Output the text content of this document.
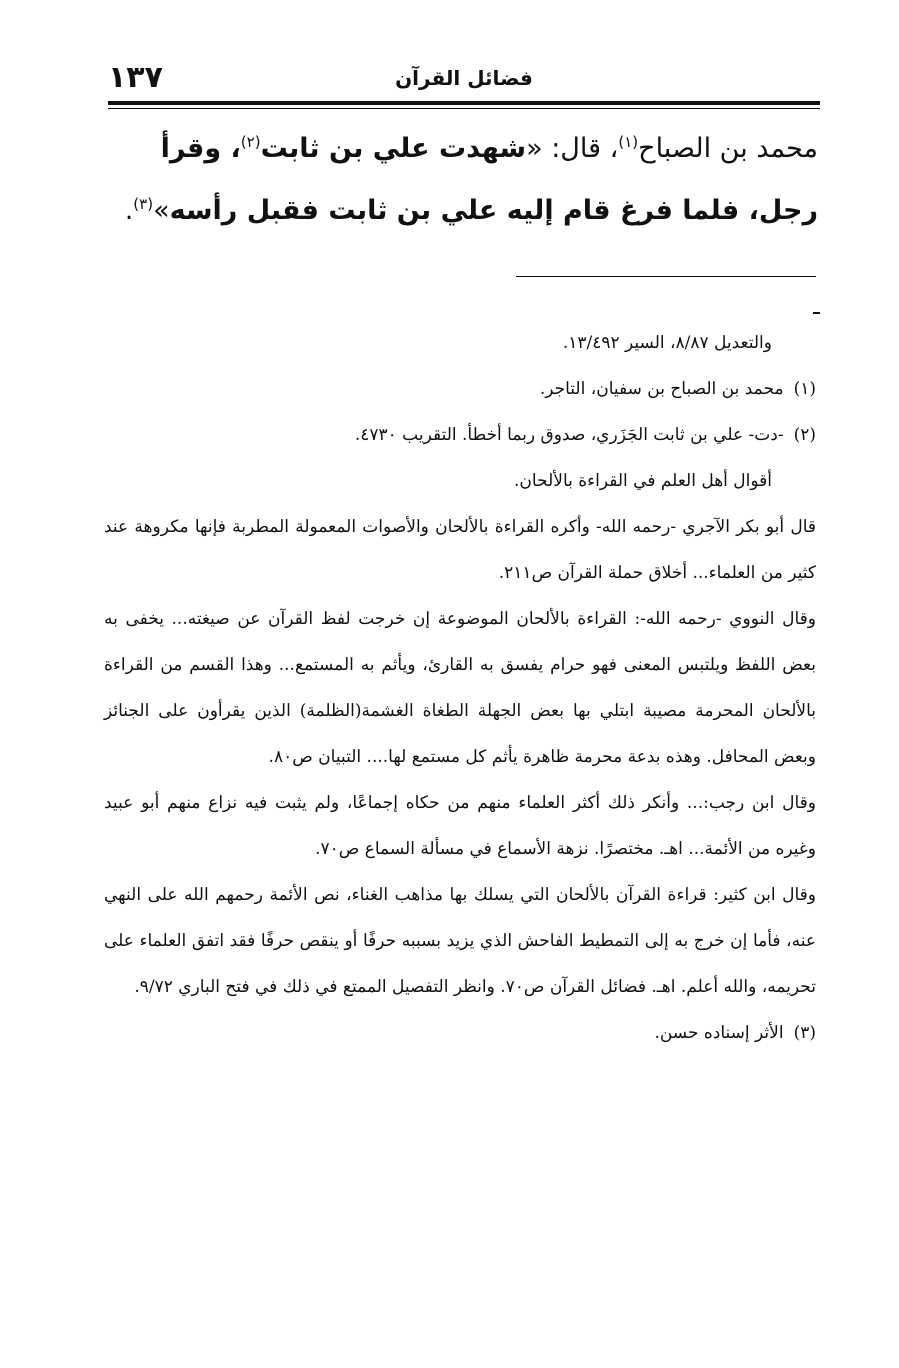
١٣٧	فضائل القرآن
محمد بن الصباح$^{(١)}$، قال: «شهدت علي بن ثابت$^{(٢)}$، وقرأ رجل، فلما فرغ قام إليه علي بن ثابت فقبل رأسه»$^{(٣)}$.
والتعديل ٨/٨٧، السير ١٣/٤٩٢.
(١)
محمد بن الصباح بن سفيان، التاجر.
(٢)
-دت- علي بن ثابت الجَزَري، صدوق ربما أخطأ. التقريب ٤٧٣٠.
أقوال أهل العلم في القراءة بالألحان.

قال أبو بكر الآجري -رحمه الله- وأكره القراءة بالألحان والأصوات المعمولة المطربة فإنها مكروهة عند كثير من العلماء... أخلاق حملة القرآن ص٢١١.

وقال النووي -رحمه الله-: القراءة بالألحان الموضوعة إن خرجت لفظ القرآن عن صيغته... يخفى به بعض اللفظ ويلتبس المعنى فهو حرام يفسق به القارئ، ويأثم به المستمع... وهذا القسم من القراءة بالألحان المحرمة مصيبة ابتلي بها بعض الجهلة الطغاة الغشمة(الظلمة) الذين يقرأون على الجنائز وبعض المحافل. وهذه بدعة محرمة ظاهرة يأثم كل مستمع لها.... التبيان ص٨٠.

وقال ابن رجب:... وأنكر ذلك أكثر العلماء منهم من حكاه إجماعًا، ولم يثبت فيه نزاع منهم أبو عبيد وغيره من الأئمة... اهـ. مختصرًا. نزهة الأسماع في مسألة السماع ص٧٠.

وقال ابن كثير: قراءة القرآن بالألحان التي يسلك بها مذاهب الغناء، نص الأئمة رحمهم الله على النهي عنه، فأما إن خرج به إلى التمطيط الفاحش الذي يزيد بسببه حرفًا أو ينقص حرفًا فقد اتفق العلماء على تحريمه، والله أعلم. اهـ. فضائل القرآن ص٧٠. وانظر التفصيل الممتع في ذلك في فتح الباري ٩/٧٢.

(٣)
الأثر إسناده حسن.
